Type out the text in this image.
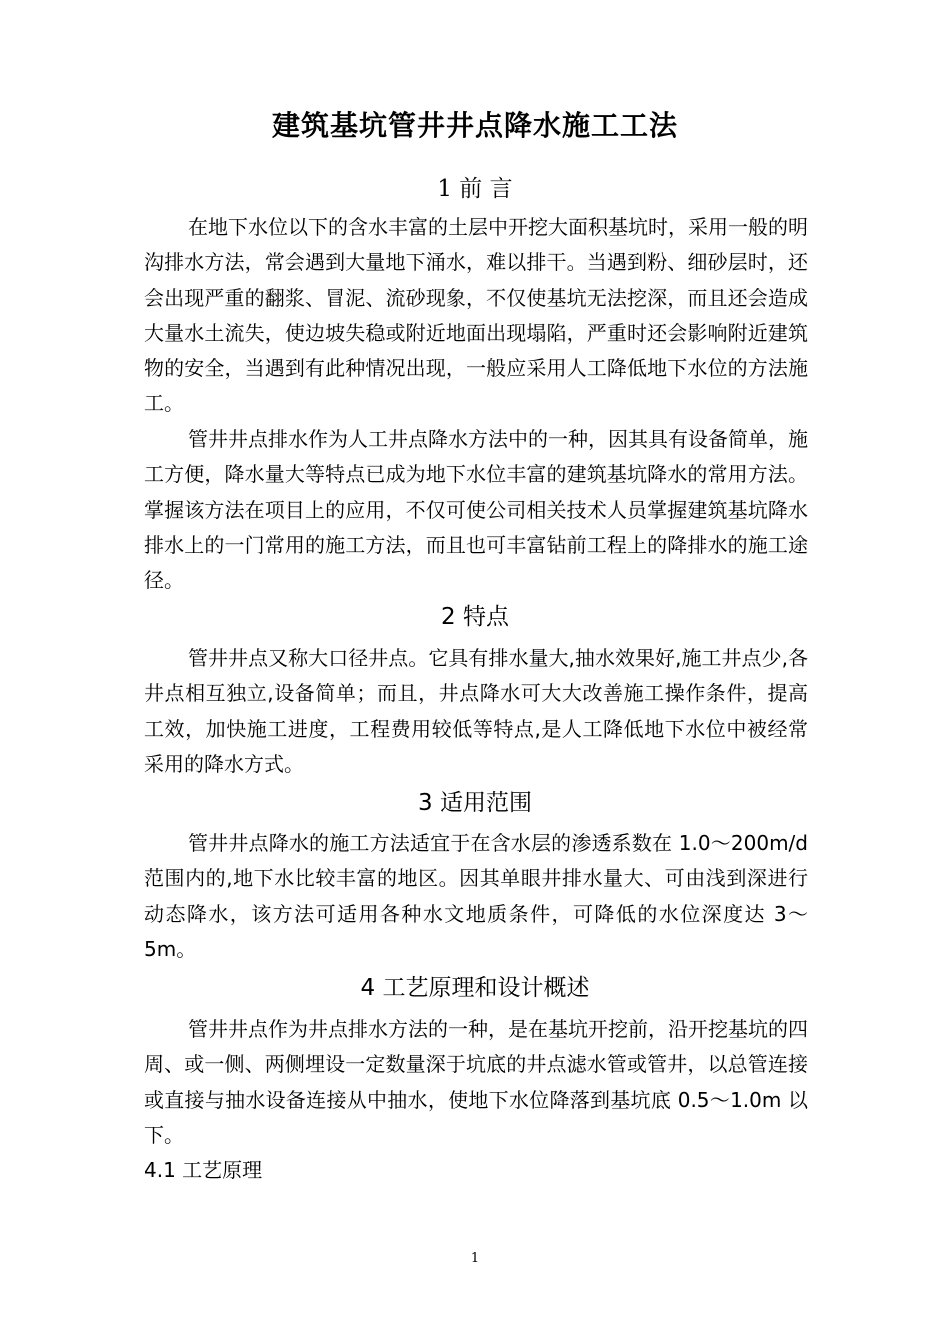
建筑基坑管井井点降水施工工法
1 前 言
在地下水位以下的含水丰富的土层中开挖大面积基坑时，采用一般的明沟排水方法，常会遇到大量地下涌水，难以排干。当遇到粉、细砂层时，还会出现严重的翻浆、冒泥、流砂现象，不仅使基坑无法挖深，而且还会造成大量水土流失，使边坡失稳或附近地面出现塌陷，严重时还会影响附近建筑物的安全，当遇到有此种情况出现，一般应采用人工降低地下水位的方法施工。
管井井点排水作为人工井点降水方法中的一种，因其具有设备简单，施工方便，降水量大等特点已成为地下水位丰富的建筑基坑降水的常用方法。掌握该方法在项目上的应用，不仅可使公司相关技术人员掌握建筑基坑降水排水上的一门常用的施工方法，而且也可丰富钻前工程上的降排水的施工途径。
2 特点
管井井点又称大口径井点。它具有排水量大,抽水效果好,施工井点少,各井点相互独立,设备简单；而且，井点降水可大大改善施工操作条件，提高工效，加快施工进度，工程费用较低等特点,是人工降低地下水位中被经常采用的降水方式。
3 适用范围
管井井点降水的施工方法适宜于在含水层的渗透系数在 1.0～200m/d 范围内的,地下水比较丰富的地区。因其单眼井排水量大、可由浅到深进行动态降水，该方法可适用各种水文地质条件，可降低的水位深度达 3～5m。
4 工艺原理和设计概述
管井井点作为井点排水方法的一种，是在基坑开挖前，沿开挖基坑的四周、或一侧、两侧埋设一定数量深于坑底的井点滤水管或管井，以总管连接或直接与抽水设备连接从中抽水，使地下水位降落到基坑底 0.5～1.0m 以下。
4.1 工艺原理
1
